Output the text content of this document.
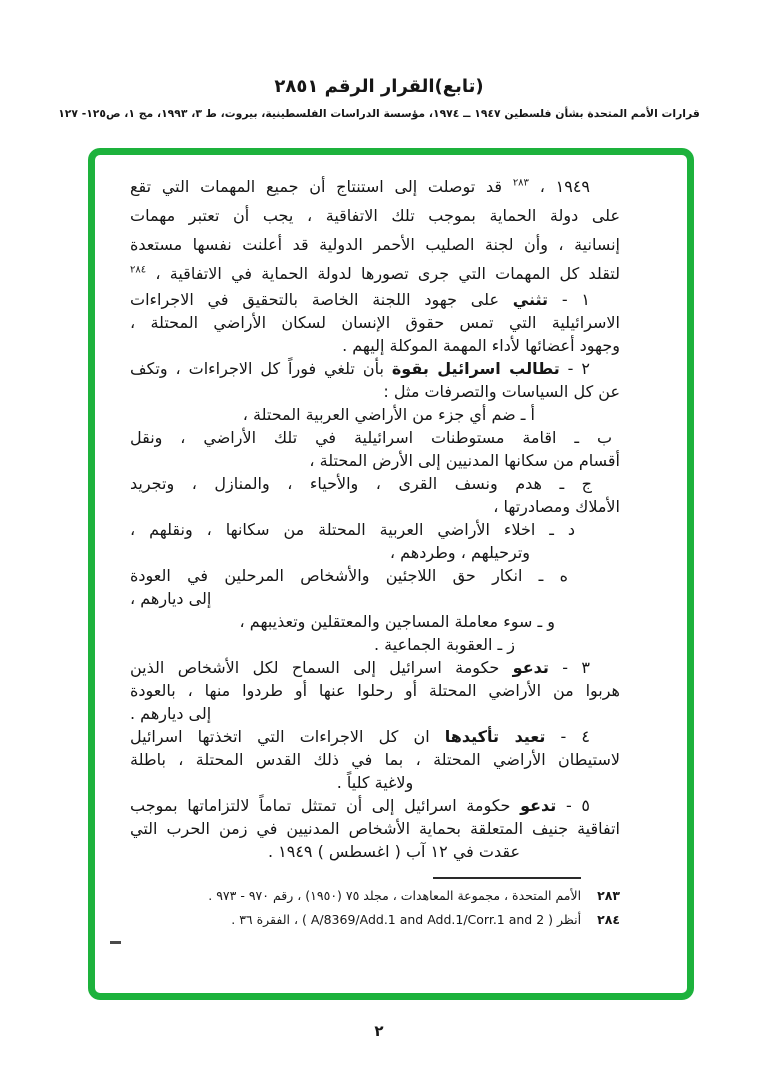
(تابع)القرار الرقم ٢٨٥١
قرارات الأمم المتحدة بشأن فلسطين ١٩٤٧ ــ ١٩٧٤، مؤسسة الدراسات الفلسطينية، بيروت، ط ٣، ١٩٩٣، مج ١، ص١٢٥- ١٢٧
١٩٤٩ ، $^{٢٨٣}$ قد توصلت إلى استنتاج أن جميع المهمات التي تقع
على دولة الحماية بموجب تلك الاتفاقية ، يجب أن تعتبر مهمات
إنسانية ، وأن لجنة الصليب الأحمر الدولية قد أعلنت نفسها مستعدة
لتقلد كل المهمات التي جرى تصورها لدولة الحماية في الاتفاقية ، $^{٢٨٤}$
١ - تثني على جهود اللجنة الخاصة بالتحقيق في الاجراءات
الاسرائيلية التي تمس حقوق الإنسان لسكان الأراضي المحتلة ،
وجهود أعضائها لأداء المهمة الموكلة إليهم .
٢ - تطالب اسرائيل بقوة بأن تلغي فوراً كل الاجراءات ، وتكف
عن كل السياسات والتصرفات مثل :
أ ـ ضم أي جزء من الأراضي العربية المحتلة ،
ب ـ اقامة مستوطنات اسرائيلية في تلك الأراضي ، ونقل
أقسام من سكانها المدنيين إلى الأرض المحتلة ،
ج ـ هدم ونسف القرى ، والأحياء ، والمنازل ، وتجريد
الأملاك ومصادرتها ،
د ـ اخلاء الأراضي العربية المحتلة من سكانها ، ونقلهم ،
وترحيلهم ، وطردهم ،
ه ـ انكار حق اللاجئين والأشخاص المرحلين في العودة
إلى ديارهم ،
و ـ سوء معاملة المساجين والمعتقلين وتعذيبهم ،
ز ـ العقوبة الجماعية .
٣ - تدعو حكومة اسرائيل إلى السماح لكل الأشخاص الذين
هربوا من الأراضي المحتلة أو رحلوا عنها أو طردوا منها ، بالعودة
إلى ديارهم .
٤ - تعيد تأكيدها ان كل الاجراءات التي اتخذتها اسرائيل
لاستيطان الأراضي المحتلة ، بما في ذلك القدس المحتلة ، باطلة
ولاغية كلياً .
٥ - تدعو حكومة اسرائيل إلى أن تمتثل تماماً لالتزاماتها بموجب
اتفاقية جنيف المتعلقة بحماية الأشخاص المدنيين في زمن الحرب التي
عقدت في ١٢ آب ( اغسطس ) ١٩٤٩ .
٢٨٣الأمم المتحدة ، مجموعة المعاهدات ، مجلد ٧٥ (١٩٥٠) ، رقم ٩٧٠ - ٩٧٣ .
٢٨٤أنظر ( A/8369/Add.1 and Add.1/Corr.1 and 2 ) ، الفقرة ٣٦ .
٢
